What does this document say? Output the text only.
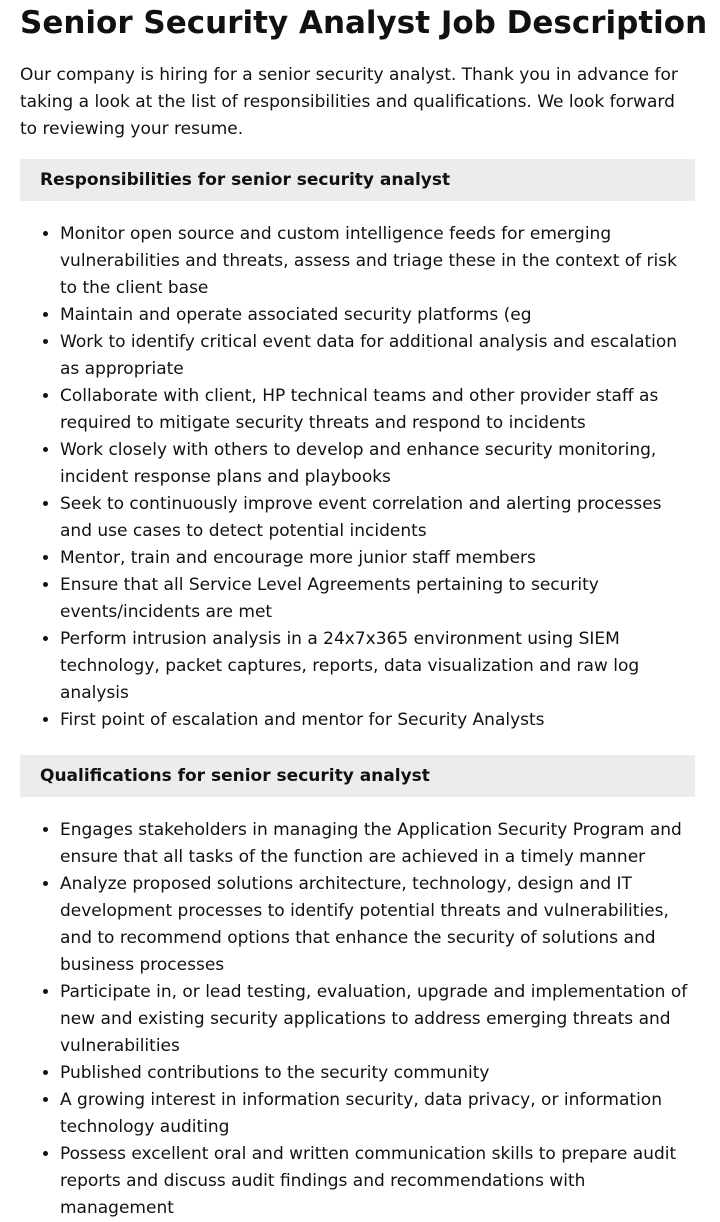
Senior Security Analyst Job Description

Our company is hiring for a senior security analyst. Thank you in advance for taking a look at the list of responsibilities and qualifications. We look forward to reviewing your resume.

Responsibilities for senior security analyst
• Monitor open source and custom intelligence feeds for emerging vulnerabilities and threats, assess and triage these in the context of risk to the client base
• Maintain and operate associated security platforms (eg
• Work to identify critical event data for additional analysis and escalation as appropriate
• Collaborate with client, HP technical teams and other provider staff as required to mitigate security threats and respond to incidents
• Work closely with others to develop and enhance security monitoring, incident response plans and playbooks
• Seek to continuously improve event correlation and alerting processes and use cases to detect potential incidents
• Mentor, train and encourage more junior staff members
• Ensure that all Service Level Agreements pertaining to security events/incidents are met
• Perform intrusion analysis in a 24x7x365 environment using SIEM technology, packet captures, reports, data visualization and raw log analysis
• First point of escalation and mentor for Security Analysts
Qualifications for senior security analyst
• Engages stakeholders in managing the Application Security Program and ensure that all tasks of the function are achieved in a timely manner
• Analyze proposed solutions architecture, technology, design and IT development processes to identify potential threats and vulnerabilities, and to recommend options that enhance the security of solutions and business processes
• Participate in, or lead testing, evaluation, upgrade and implementation of new and existing security applications to address emerging threats and vulnerabilities
• Published contributions to the security community
• A growing interest in information security, data privacy, or information technology auditing
• Possess excellent oral and written communication skills to prepare audit reports and discuss audit findings and recommendations with management
